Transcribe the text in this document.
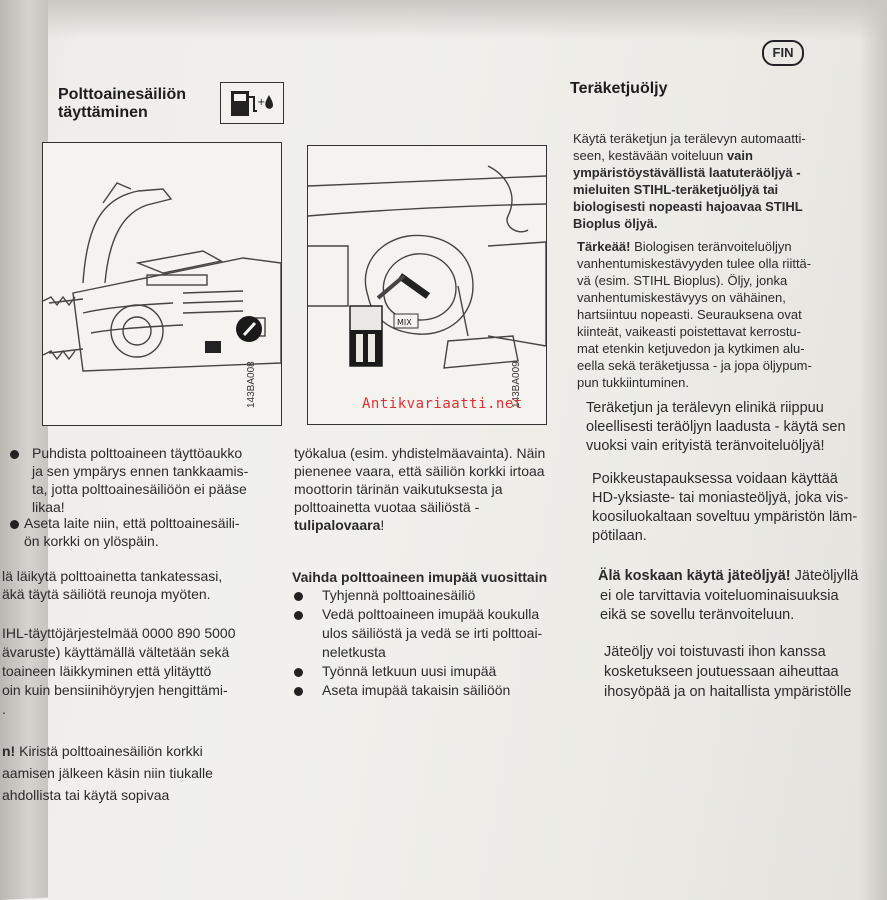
FIN
Polttoainesäiliön
täyttäminen
+
143BA008
MIX
143BA009
Antikvariaatti.net
Puhdista polttoaineen täyttöaukko
ja sen ympärys ennen tankkaamis-
ta, jotta polttoainesäiliöön ei pääse
likaa!
Aseta laite niin, että polttoainesäili-
ön korkki on ylöspäin.
lä läikytä polttoainetta tankatessasi,
äkä täytä säiliötä reunoja myöten.
IHL-täyttöjärjestelmää 0000 890 5000
ävaruste) käyttämällä vältetään sekä
toaineen läikkyminen että ylitäyttö
oin kuin bensiinihöyryjen hengittämi-
.
n! Kiristä polttoainesäiliön korkki
aamisen jälkeen käsin niin tiukalle
ahdollista tai käytä sopivaa
työkalua (esim. yhdistelmäavainta). Näin
pienenee vaara, että säiliön korkki irtoaa
moottorin tärinän vaikutuksesta ja
polttoainetta vuotaa säiliöstä -
tulipalovaara!
Vaihda polttoaineen imupää vuosittain
Tyhjennä polttoainesäiliö
Vedä polttoaineen imupää koukulla
ulos säiliöstä ja vedä se irti polttoai-
neletkusta
Työnnä letkuun uusi imupää
Aseta imupää takaisin säiliöön
Teräketjuöljy
Käytä teräketjun ja terälevyn automaatti-
seen, kestävään voiteluun vain
ympäristöystävällistä laatuteräöljyä -
mieluiten STIHL-teräketjuöljyä tai
biologisesti nopeasti hajoavaa STIHL
Bioplus öljyä.
Tärkeää! Biologisen teränvoiteluöljyn
vanhentumiskestävyyden tulee olla riittä-
vä (esim. STIHL Bioplus). Öljy, jonka
vanhentumiskestävyys on vähäinen,
hartsiintuu nopeasti. Seurauksena ovat
kiinteät, vaikeasti poistettavat kerrostu-
mat etenkin ketjuvedon ja kytkimen alu-
eella sekä teräketjussa - ja jopa öljypum-
pun tukkiintuminen.
Teräketjun ja terälevyn elinikä riippuu
oleellisesti teräöljyn laadusta - käytä sen
vuoksi vain erityistä teränvoiteluöljyä!
Poikkeustapauksessa voidaan käyttää
HD-yksiaste- tai moniasteöljyä, joka vis-
koosiluokaltaan soveltuu ympäristön läm-
pötilaan.
Älä koskaan käytä jäteöljyä! Jäteöljyllä
ei ole tarvittavia voiteluominaisuuksia
eikä se sovellu teränvoiteluun.
Jäteöljy voi toistuvasti ihon kanssa
kosketukseen joutuessaan aiheuttaa
ihosyöpää ja on haitallista ympäristölle
